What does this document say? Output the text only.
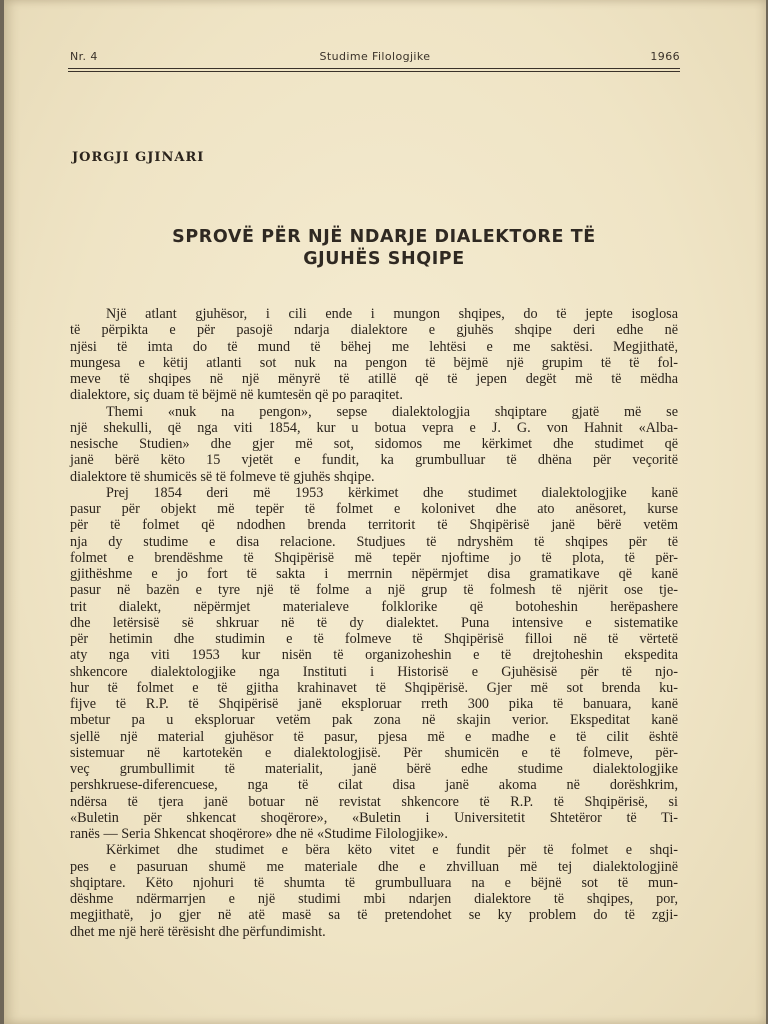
Nr. 4	Studime Filologjike	1966
JORGJI GJINARI
SPROVË PËR NJË NDARJE DIALEKTORE TË
GJUHËS SHQIPE
Një atlant gjuhësor, i cili ende i mungon shqipes, do të jepte isoglosa
të përpikta e për pasojë ndarja dialektore e gjuhës shqipe deri edhe në
njësi të imta do të mund të bëhej me lehtësi e me saktësi. Megjithatë,
mungesa e këtij atlanti sot nuk na pengon të bëjmë një grupim të të fol-
meve të shqipes në një mënyrë të atillë që të jepen degët më të mëdha
dialektore, siç duam të bëjmë në kumtesën që po paraqitet.
Themi «nuk na pengon», sepse dialektologjia shqiptare gjatë më se
një shekulli, që nga viti 1854, kur u botua vepra e J. G. von Hahnit «Alba-
nesische Studien» dhe gjer më sot, sidomos me kërkimet dhe studimet që
janë bërë këto 15 vjetët e fundit, ka grumbulluar të dhëna për veçoritë
dialektore të shumicës së të folmeve të gjuhës shqipe.
Prej 1854 deri më 1953 kërkimet dhe studimet dialektologjike kanë
pasur për objekt më tepër të folmet e kolonivet dhe ato anësoret, kurse
për të folmet që ndodhen brenda territorit të Shqipërisë janë bërë vetëm
nja dy studime e disa relacione. Studjues të ndryshëm të shqipes për të
folmet e brendëshme të Shqipërisë më tepër njoftime jo të plota, të për-
gjithëshme e jo fort të sakta i merrnin nëpërmjet disa gramatikave që kanë
pasur në bazën e tyre një të folme a një grup të folmesh të njërit ose tje-
trit dialekt, nëpërmjet materialeve folklorike që botoheshin herëpashere
dhe letërsisë së shkruar në të dy dialektet. Puna intensive e sistematike
për hetimin dhe studimin e të folmeve të Shqipërisë filloi në të vërtetë
aty nga viti 1953 kur nisën të organizoheshin e të drejtoheshin ekspedita
shkencore dialektologjike nga Instituti i Historisë e Gjuhësisë për të njo-
hur të folmet e të gjitha krahinavet të Shqipërisë. Gjer më sot brenda ku-
fijve të R.P. të Shqipërisë janë eksploruar rreth 300 pika të banuara, kanë
mbetur pa u eksploruar vetëm pak zona në skajin verior. Ekspeditat kanë
sjellë një material gjuhësor të pasur, pjesa më e madhe e të cilit është
sistemuar në kartotekën e dialektologjisë. Për shumicën e të folmeve, për-
veç grumbullimit të materialit, janë bërë edhe studime dialektologjike
pershkruese-diferencuese, nga të cilat disa janë akoma në dorëshkrim,
ndërsa të tjera janë botuar në revistat shkencore të R.P. të Shqipërisë, si
«Buletin për shkencat shoqërore», «Buletin i Universitetit Shtetëror të Ti-
ranës — Seria Shkencat shoqërore» dhe në «Studime Filologjike».
Kërkimet dhe studimet e bëra këto vitet e fundit për të folmet e shqi-
pes e pasuruan shumë me materiale dhe e zhvilluan më tej dialektologjinë
shqiptare. Këto njohuri të shumta të grumbulluara na e bëjnë sot të mun-
dëshme ndërmarrjen e një studimi mbi ndarjen dialektore të shqipes, por,
megjithatë, jo gjer në atë masë sa të pretendohet se ky problem do të zgji-
dhet me një herë tërësisht dhe përfundimisht.
